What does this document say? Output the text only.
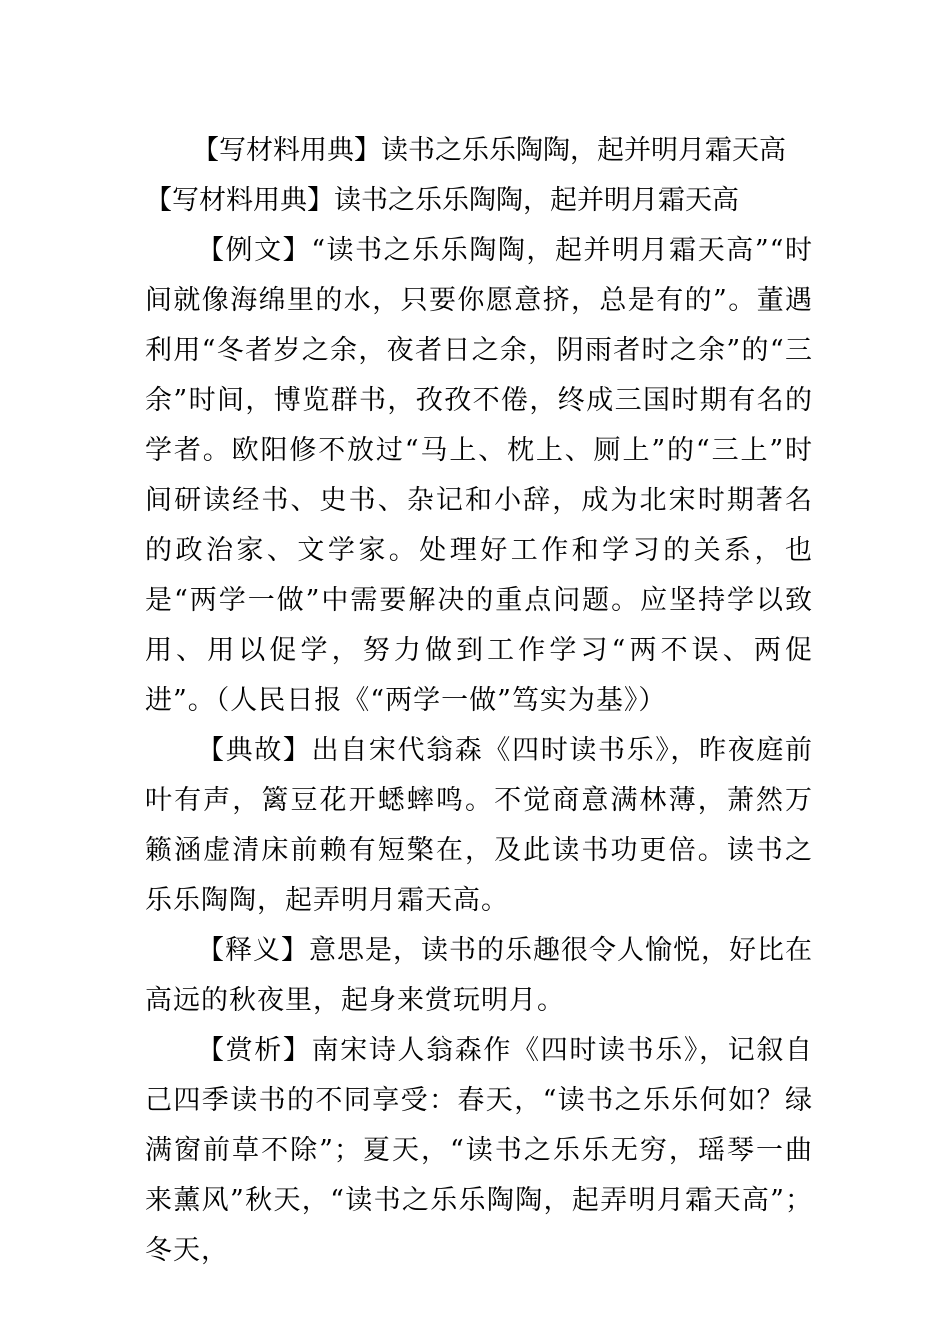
【写材料用典】读书之乐乐陶陶，起并明月霜天高
【写材料用典】读书之乐乐陶陶，起并明月霜天高

【例文】“读书之乐乐陶陶，起并明月霜天高”“时间就像海绵里的水，只要你愿意挤，总是有的”。董遇利用“冬者岁之余，夜者日之余，阴雨者时之余”的“三余”时间，博览群书，孜孜不倦，终成三国时期有名的学者。欧阳修不放过“马上、枕上、厕上”的“三上”时间研读经书、史书、杂记和小辞，成为北宋时期著名的政治家、文学家。处理好工作和学习的关系，也是“两学一做”中需要解决的重点问题。应坚持学以致用、用以促学，努力做到工作学习“两不误、两促进”。（人民日报《“两学一做”笃实为基》）

【典故】出自宋代翁森《四时读书乐》，昨夜庭前叶有声，篱豆花开蟋蟀鸣。不觉商意满林薄，萧然万籁涵虚清床前赖有短檠在，及此读书功更倍。读书之乐乐陶陶，起弄明月霜天高。

【释义】意思是，读书的乐趣很令人愉悦，好比在高远的秋夜里，起身来赏玩明月。

【赏析】南宋诗人翁森作《四时读书乐》，记叙自己四季读书的不同享受：春天，“读书之乐乐何如？绿满窗前草不除”；夏天，“读书之乐乐无穷，瑶琴一曲来薰风”秋天，“读书之乐乐陶陶，起弄明月霜天高”；冬天，
